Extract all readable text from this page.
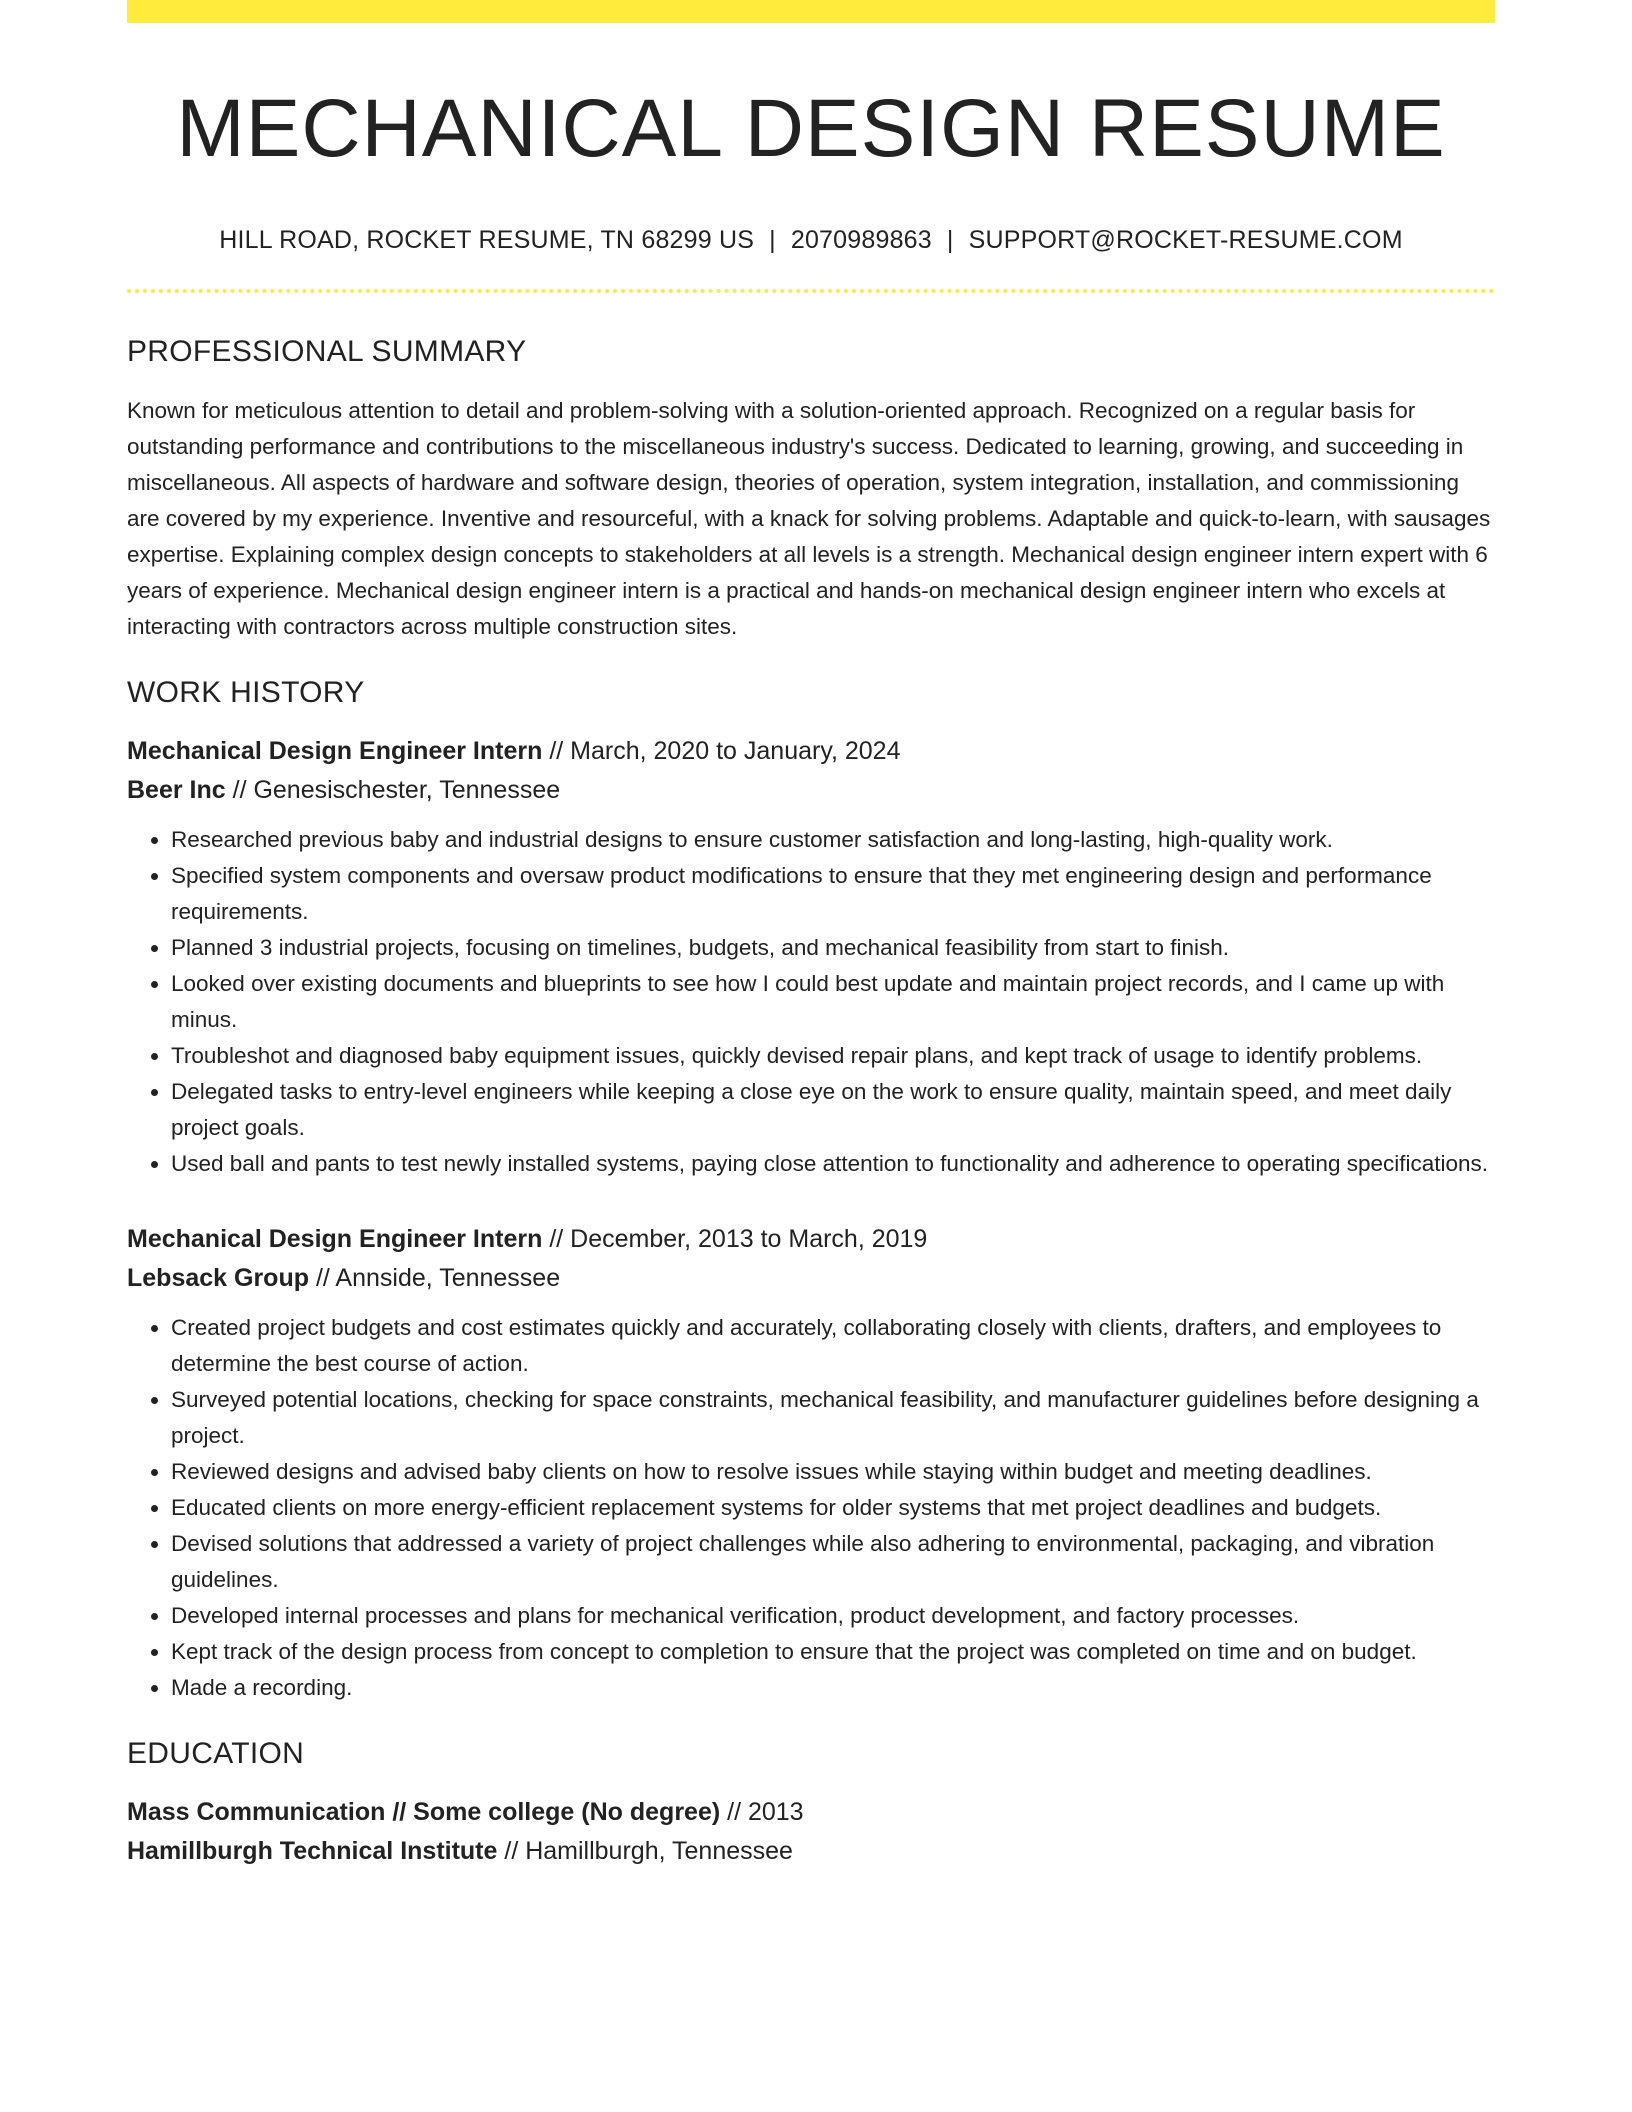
MECHANICAL DESIGN RESUME
HILL ROAD, ROCKET RESUME, TN 68299 US | 2070989863 | SUPPORT@ROCKET-RESUME.COM
PROFESSIONAL SUMMARY
Known for meticulous attention to detail and problem-solving with a solution-oriented approach. Recognized on a regular basis for outstanding performance and contributions to the miscellaneous industry's success. Dedicated to learning, growing, and succeeding in miscellaneous. All aspects of hardware and software design, theories of operation, system integration, installation, and commissioning are covered by my experience. Inventive and resourceful, with a knack for solving problems. Adaptable and quick-to-learn, with sausages expertise. Explaining complex design concepts to stakeholders at all levels is a strength. Mechanical design engineer intern expert with 6 years of experience. Mechanical design engineer intern is a practical and hands-on mechanical design engineer intern who excels at interacting with contractors across multiple construction sites.
WORK HISTORY
Mechanical Design Engineer Intern // March, 2020 to January, 2024
Beer Inc // Genesischester, Tennessee
• Researched previous baby and industrial designs to ensure customer satisfaction and long-lasting, high-quality work.
• Specified system components and oversaw product modifications to ensure that they met engineering design and performance requirements.
• Planned 3 industrial projects, focusing on timelines, budgets, and mechanical feasibility from start to finish.
• Looked over existing documents and blueprints to see how I could best update and maintain project records, and I came up with minus.
• Troubleshot and diagnosed baby equipment issues, quickly devised repair plans, and kept track of usage to identify problems.
• Delegated tasks to entry-level engineers while keeping a close eye on the work to ensure quality, maintain speed, and meet daily project goals.
• Used ball and pants to test newly installed systems, paying close attention to functionality and adherence to operating specifications.
Mechanical Design Engineer Intern // December, 2013 to March, 2019
Lebsack Group // Annside, Tennessee
• Created project budgets and cost estimates quickly and accurately, collaborating closely with clients, drafters, and employees to determine the best course of action.
• Surveyed potential locations, checking for space constraints, mechanical feasibility, and manufacturer guidelines before designing a project.
• Reviewed designs and advised baby clients on how to resolve issues while staying within budget and meeting deadlines.
• Educated clients on more energy-efficient replacement systems for older systems that met project deadlines and budgets.
• Devised solutions that addressed a variety of project challenges while also adhering to environmental, packaging, and vibration guidelines.
• Developed internal processes and plans for mechanical verification, product development, and factory processes.
• Kept track of the design process from concept to completion to ensure that the project was completed on time and on budget.
• Made a recording.
EDUCATION
Mass Communication // Some college (No degree) // 2013
Hamillburgh Technical Institute // Hamillburgh, Tennessee
